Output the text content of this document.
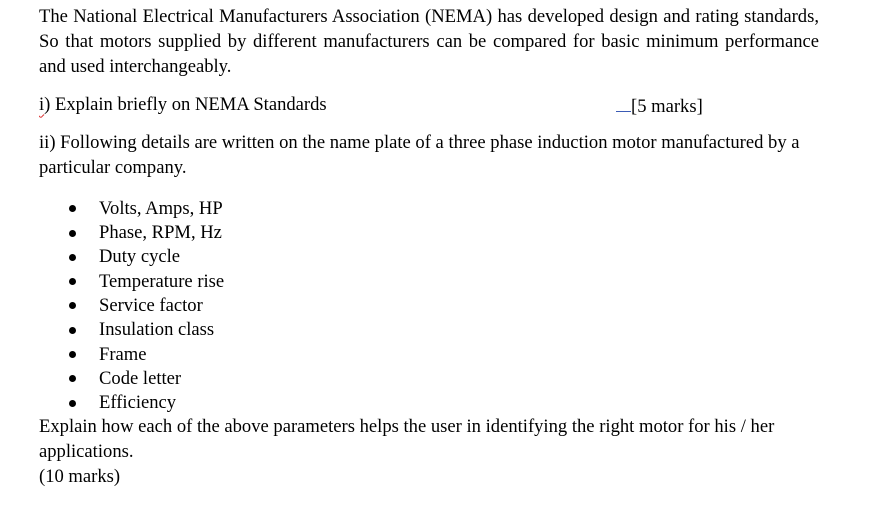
The National Electrical Manufacturers Association (NEMA) has developed design and rating standards, So that motors supplied by different manufacturers can be compared for basic minimum performance and used interchangeably.

i) Explain briefly on NEMA Standards	[5 marks]

ii) Following details are written on the name plate of a three phase induction motor manufactured by a particular company.

Volts, Amps, HP
Phase, RPM, Hz
Duty cycle
Temperature rise
Service factor
Insulation class
Frame
Code letter
Efficiency

Explain how each of the above parameters helps the user in identifying the right motor for his / her applications.

(10 marks)
